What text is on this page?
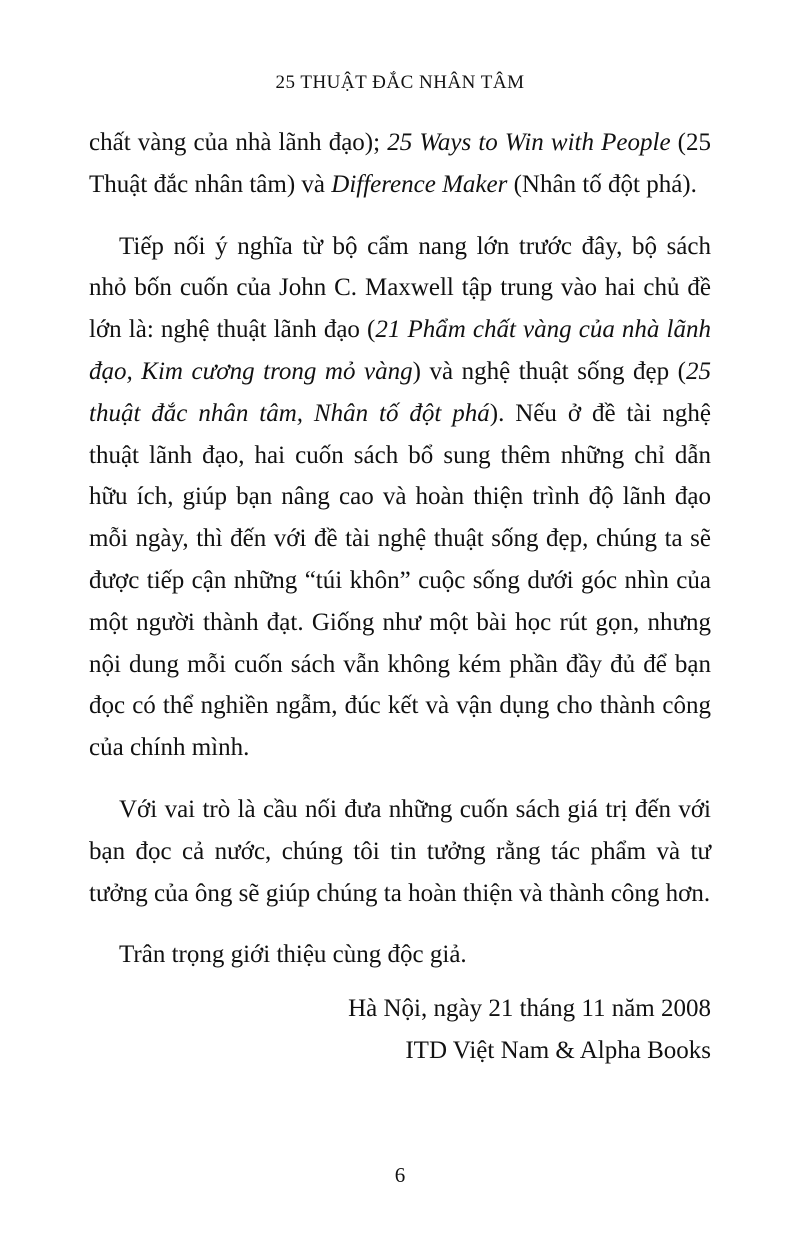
25 THUẬT ĐẮC NHÂN TÂM

chất vàng của nhà lãnh đạo); 25 Ways to Win with People (25 Thuật đắc nhân tâm) và Difference Maker (Nhân tố đột phá).

Tiếp nối ý nghĩa từ bộ cẩm nang lớn trước đây, bộ sách nhỏ bốn cuốn của John C. Maxwell tập trung vào hai chủ đề lớn là: nghệ thuật lãnh đạo (21 Phẩm chất vàng của nhà lãnh đạo, Kim cương trong mỏ vàng) và nghệ thuật sống đẹp (25 thuật đắc nhân tâm, Nhân tố đột phá). Nếu ở đề tài nghệ thuật lãnh đạo, hai cuốn sách bổ sung thêm những chỉ dẫn hữu ích, giúp bạn nâng cao và hoàn thiện trình độ lãnh đạo mỗi ngày, thì đến với đề tài nghệ thuật sống đẹp, chúng ta sẽ được tiếp cận những “túi khôn” cuộc sống dưới góc nhìn của một người thành đạt. Giống như một bài học rút gọn, nhưng nội dung mỗi cuốn sách vẫn không kém phần đầy đủ để bạn đọc có thể nghiền ngẫm, đúc kết và vận dụng cho thành công của chính mình.

Với vai trò là cầu nối đưa những cuốn sách giá trị đến với bạn đọc cả nước, chúng tôi tin tưởng rằng tác phẩm và tư tưởng của ông sẽ giúp chúng ta hoàn thiện và thành công hơn.

Trân trọng giới thiệu cùng độc giả.

Hà Nội, ngày 21 tháng 11 năm 2008

ITD Việt Nam & Alpha Books

6
